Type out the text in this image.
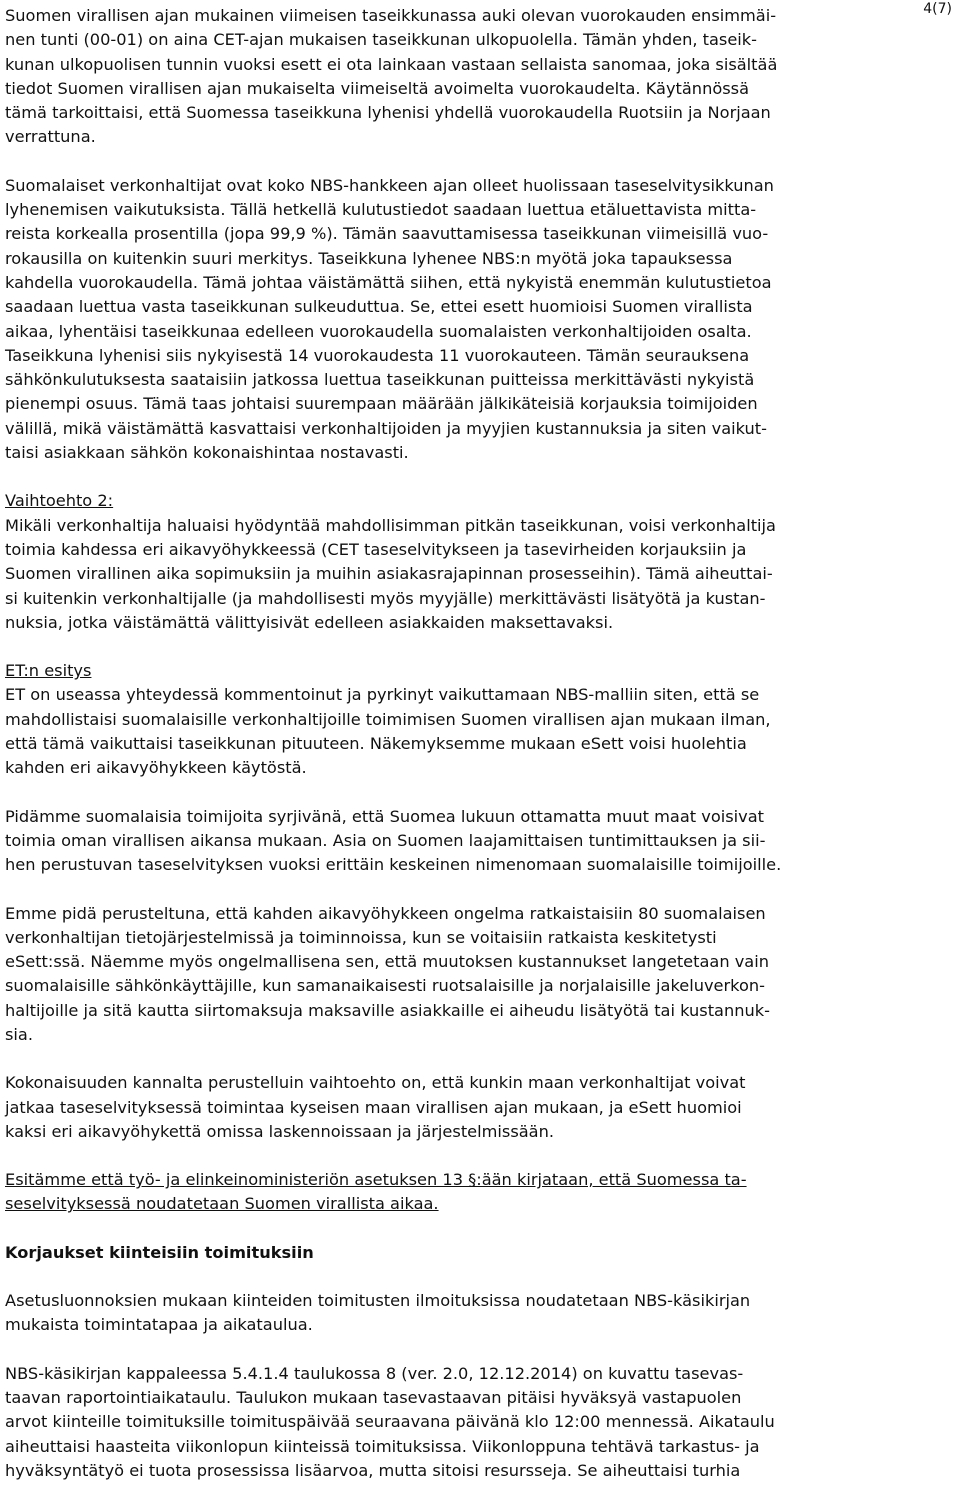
4(7)
Suomen virallisen ajan mukainen viimeisen taseikkunassa auki olevan vuorokauden ensimmäi-
nen tunti (00-01) on aina CET-ajan mukaisen taseikkunan ulkopuolella. Tämän yhden, taseik-
kunan ulkopuolisen tunnin vuoksi esett ei ota lainkaan vastaan sellaista sanomaa, joka sisältää
tiedot Suomen virallisen ajan mukaiselta viimeiseltä avoimelta vuorokaudelta. Käytännössä
tämä tarkoittaisi, että Suomessa taseikkuna lyhenisi yhdellä vuorokaudella Ruotsiin ja Norjaan
verrattuna.
Suomalaiset verkonhaltijat ovat koko NBS-hankkeen ajan olleet huolissaan taseselvitysikkunan
lyhenemisen vaikutuksista. Tällä hetkellä kulutustiedot saadaan luettua etäluettavista mitta-
reista korkealla prosentilla (jopa 99,9 %). Tämän saavuttamisessa taseikkunan viimeisillä vuo-
rokausilla on kuitenkin suuri merkitys. Taseikkuna lyhenee NBS:n myötä joka tapauksessa
kahdella vuorokaudella. Tämä johtaa väistämättä siihen, että nykyistä enemmän kulutustietoa
saadaan luettua vasta taseikkunan sulkeuduttua. Se, ettei esett huomioisi Suomen virallista
aikaa, lyhentäisi taseikkunaa edelleen vuorokaudella suomalaisten verkonhaltijoiden osalta.
Taseikkuna lyhenisi siis nykyisestä 14 vuorokaudesta 11 vuorokauteen. Tämän seurauksena
sähkönkulutuksesta saataisiin jatkossa luettua taseikkunan puitteissa merkittävästi nykyistä
pienempi osuus. Tämä taas johtaisi suurempaan määrään jälkikäteisiä korjauksia toimijoiden
välillä, mikä väistämättä kasvattaisi verkonhaltijoiden ja myyjien kustannuksia ja siten vaikut-
taisi asiakkaan sähkön kokonaishintaa nostavasti.
Vaihtoehto 2:
Mikäli verkonhaltija haluaisi hyödyntää mahdollisimman pitkän taseikkunan, voisi verkonhaltija
toimia kahdessa eri aikavyöhykkeessä (CET taseselvitykseen ja tasevirheiden korjauksiin ja
Suomen virallinen aika sopimuksiin ja muihin asiakasrajapinnan prosesseihin). Tämä aiheuttai-
si kuitenkin verkonhaltijalle (ja mahdollisesti myös myyjälle) merkittävästi lisätyötä ja kustan-
nuksia, jotka väistämättä välittyisivät edelleen asiakkaiden maksettavaksi.
ET:n esitys
ET on useassa yhteydessä kommentoinut ja pyrkinyt vaikuttamaan NBS-malliin siten, että se
mahdollistaisi suomalaisille verkonhaltijoille toimimisen Suomen virallisen ajan mukaan ilman,
että tämä vaikuttaisi taseikkunan pituuteen. Näkemyksemme mukaan eSett voisi huolehtia
kahden eri aikavyöhykkeen käytöstä.
Pidämme suomalaisia toimijoita syrjivänä, että Suomea lukuun ottamatta muut maat voisivat
toimia oman virallisen aikansa mukaan. Asia on Suomen laajamittaisen tuntimittauksen ja sii-
hen perustuvan taseselvityksen vuoksi erittäin keskeinen nimenomaan suomalaisille toimijoille.
Emme pidä perusteltuna, että kahden aikavyöhykkeen ongelma ratkaistaisiin 80 suomalaisen
verkonhaltijan tietojärjestelmissä ja toiminnoissa, kun se voitaisiin ratkaista keskitetysti
eSett:ssä. Näemme myös ongelmallisena sen, että muutoksen kustannukset langetetaan vain
suomalaisille sähkönkäyttäjille, kun samanaikaisesti ruotsalaisille ja norjalaisille jakeluverkon-
haltijoille ja sitä kautta siirtomaksuja maksaville asiakkaille ei aiheudu lisätyötä tai kustannuk-
sia.
Kokonaisuuden kannalta perustelluin vaihtoehto on, että kunkin maan verkonhaltijat voivat
jatkaa taseselvityksessä toimintaa kyseisen maan virallisen ajan mukaan, ja eSett huomioi
kaksi eri aikavyöhykettä omissa laskennoissaan ja järjestelmissään.
Esitämme että työ- ja elinkeinoministeriön asetuksen 13 §:ään kirjataan, että Suomessa ta-
seselvityksessä noudatetaan Suomen virallista aikaa.
Korjaukset kiinteisiin toimituksiin
Asetusluonnoksien mukaan kiinteiden toimitusten ilmoituksissa noudatetaan NBS-käsikirjan
mukaista toimintatapaa ja aikataulua.
NBS-käsikirjan kappaleessa 5.4.1.4 taulukossa 8 (ver. 2.0, 12.12.2014) on kuvattu tasevas-
taavan raportointiaikataulu. Taulukon mukaan tasevastaavan pitäisi hyväksyä vastapuolen
arvot kiinteille toimituksille toimituspäivää seuraavana päivänä klo 12:00 mennessä. Aikataulu
aiheuttaisi haasteita viikonlopun kiinteissä toimituksissa. Viikonloppuna tehtävä tarkastus- ja
hyväksyntätyö ei tuota prosessissa lisäarvoa, mutta sitoisi resursseja. Se aiheuttaisi turhia
